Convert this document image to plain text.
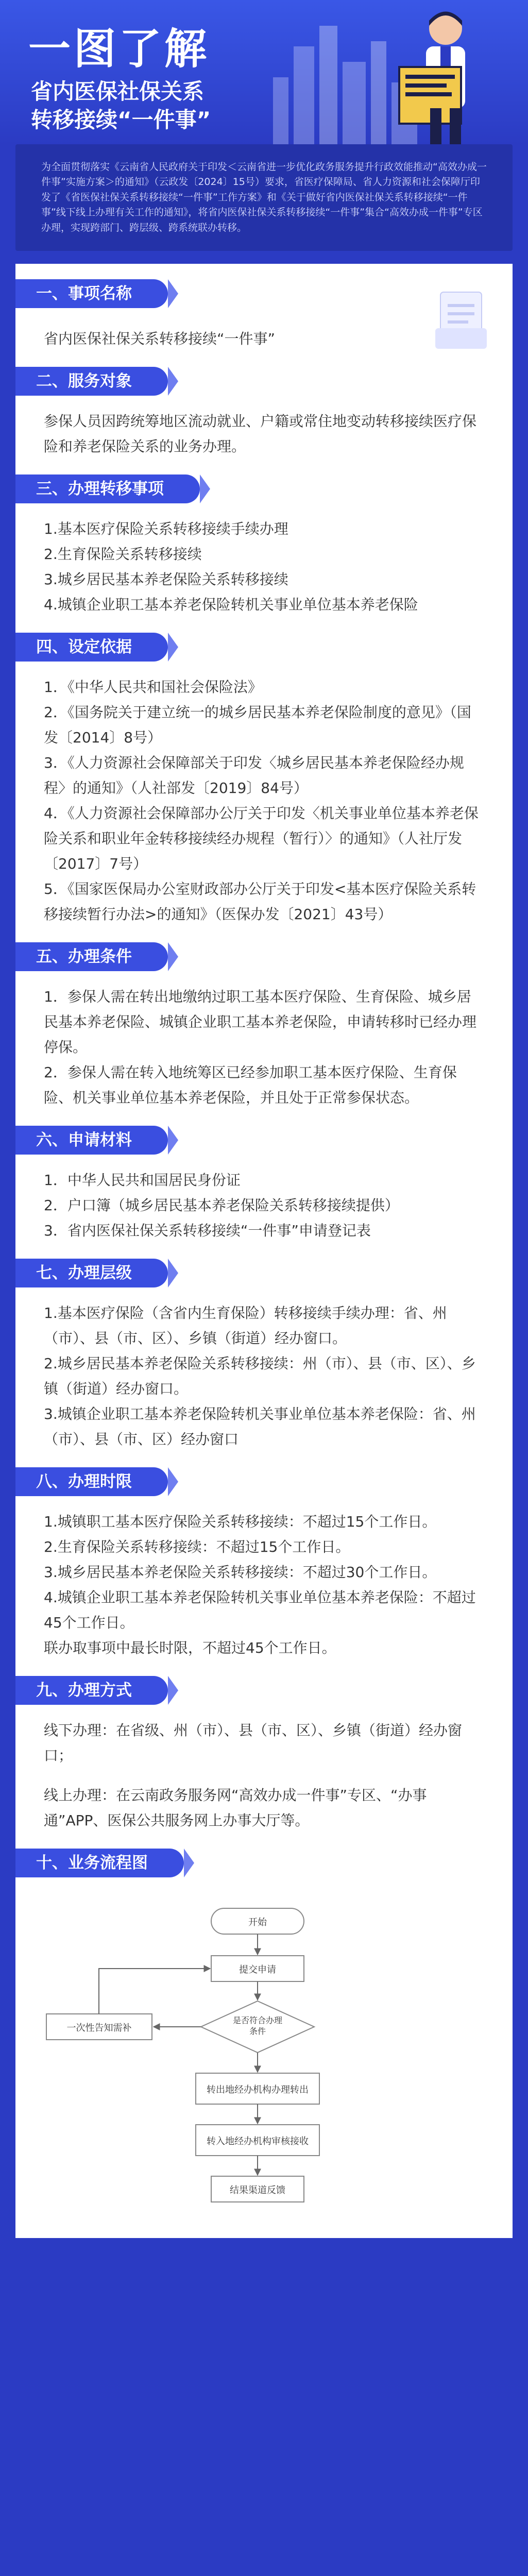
一图了解
省内医保社保关系
转移接续“一件事”
为全面贯彻落实《云南省人民政府关于印发＜云南省进一步优化政务服务提升行政效能推动“高效办成一件事”实施方案＞的通知》（云政发〔2024〕15号）要求，省医疗保障局、省人力资源和社会保障厅印发了《省医保社保关系转移接续“一件事”工作方案》和《关于做好省内医保社保关系转移接续“一件事”线下线上办理有关工作的通知》，将省内医保社保关系转移接续“一件事”集合“高效办成一件事”专区办理，实现跨部门、跨层级、跨系统联办转移。
一、事项名称

省内医保社保关系转移接续“一件事”

二、服务对象

参保人员因跨统筹地区流动就业、户籍或常住地变动转移接续医疗保险和养老保险关系的业务办理。

三、办理转移事项

1.基本医疗保险关系转移接续手续办理

2.生育保险关系转移接续

3.城乡居民基本养老保险关系转移接续

4.城镇企业职工基本养老保险转机关事业单位基本养老保险

四、设定依据

1．《中华人民共和国社会保险法》

2．《国务院关于建立统一的城乡居民基本养老保险制度的意见》（国发〔2014〕8号）

3．《人力资源社会保障部关于印发〈城乡居民基本养老保险经办规程〉的通知》（人社部发〔2019〕84号）

4．《人力资源社会保障部办公厅关于印发〈机关事业单位基本养老保险关系和职业年金转移接续经办规程（暂行）〉的通知》（人社厅发〔2017〕7号）

5．《国家医保局办公室财政部办公厅关于印发<基本医疗保险关系转移接续暂行办法>的通知》（医保办发〔2021〕43号）

五、办理条件

1．参保人需在转出地缴纳过职工基本医疗保险、生育保险、城乡居民基本养老保险、城镇企业职工基本养老保险，申请转移时已经办理停保。

2．参保人需在转入地统筹区已经参加职工基本医疗保险、生育保险、机关事业单位基本养老保险，并且处于正常参保状态。

六、申请材料

1．中华人民共和国居民身份证

2．户口簿（城乡居民基本养老保险关系转移接续提供）

3．省内医保社保关系转移接续“一件事”申请登记表

七、办理层级

1.基本医疗保险（含省内生育保险）转移接续手续办理：省、州（市）、县（市、区）、乡镇（街道）经办窗口。

2.城乡居民基本养老保险关系转移接续：州（市）、县（市、区）、乡镇（街道）经办窗口。

3.城镇企业职工基本养老保险转机关事业单位基本养老保险：省、州（市）、县（市、区）经办窗口

八、办理时限

1.城镇职工基本医疗保险关系转移接续：不超过15个工作日。

2.生育保险关系转移接续：不超过15个工作日。

3.城乡居民基本养老保险关系转移接续：不超过30个工作日。

4.城镇企业职工基本养老保险转机关事业单位基本养老保险：不超过45个工作日。

联办取事项中最长时限，不超过45个工作日。

九、办理方式

线下办理：在省级、州（市）、县（市、区）、乡镇（街道）经办窗口；

线上办理：在云南政务服务网“高效办成一件事”专区、“办事通”APP、医保公共服务网上办事大厅等。

十、业务流程图
开始
提交申请
是否符合办理条件
一次性告知需补
转出地经办机构办理转出
转入地经办机构审核接收
结果渠道反馈
